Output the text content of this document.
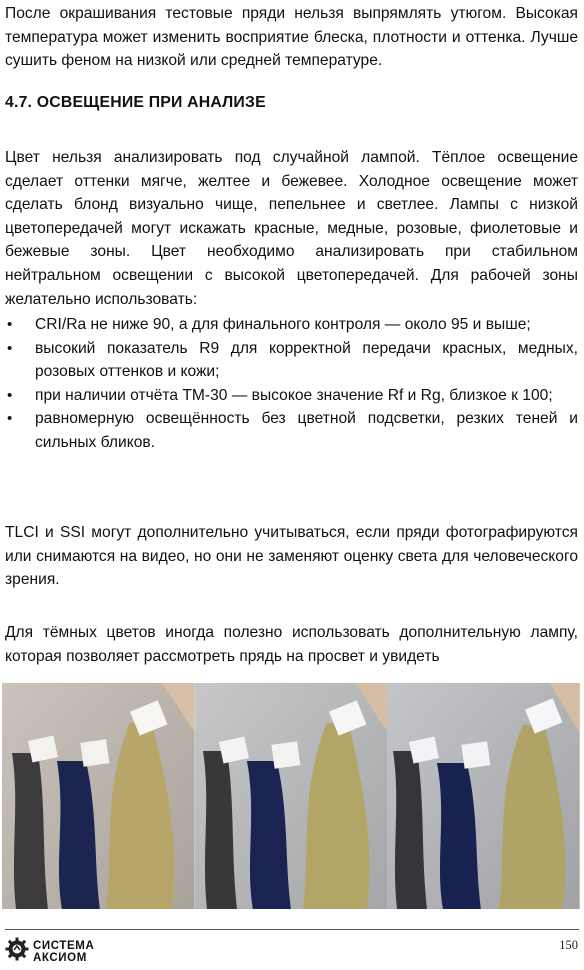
После окрашивания тестовые пряди нельзя выпрямлять утюгом. Высокая температура может изменить восприятие блеска, плотности и оттенка. Лучше сушить феном на низкой или средней температуре.

4.7. ОСВЕЩЕНИЕ ПРИ АНАЛИЗЕ

Цвет нельзя анализировать под случайной лампой. Тёплое освещение сделает оттенки мягче, желтее и бежевее. Холодное освещение может сделать блонд визуально чище, пепельнее и светлее. Лампы с низкой цветопередачей могут искажать красные, медные, розовые, фиолетовые и бежевые зоны. Цвет необходимо анализировать при стабильном нейтральном освещении с высокой цветопередачей. Для рабочей зоны желательно использовать:

• CRI/Ra не ниже 90, а для финального контроля — около 95 и выше;
• высокий показатель R9 для корректной передачи красных, медных, розовых оттенков и кожи;
• при наличии отчёта TM-30 — высокое значение Rf и Rg, близкое к 100;
• равномерную освещённость без цветной подсветки, резких теней и сильных бликов.

TLCI и SSI могут дополнительно учитываться, если пряди фотографируются или снимаются на видео, но они не заменяют оценку света для человеческого зрения.

Для тёмных цветов иногда полезно использовать дополнительную лампу, которая позволяет рассмотреть прядь на просвет и увидеть

СИСТЕМА
АКСИОМ
150
